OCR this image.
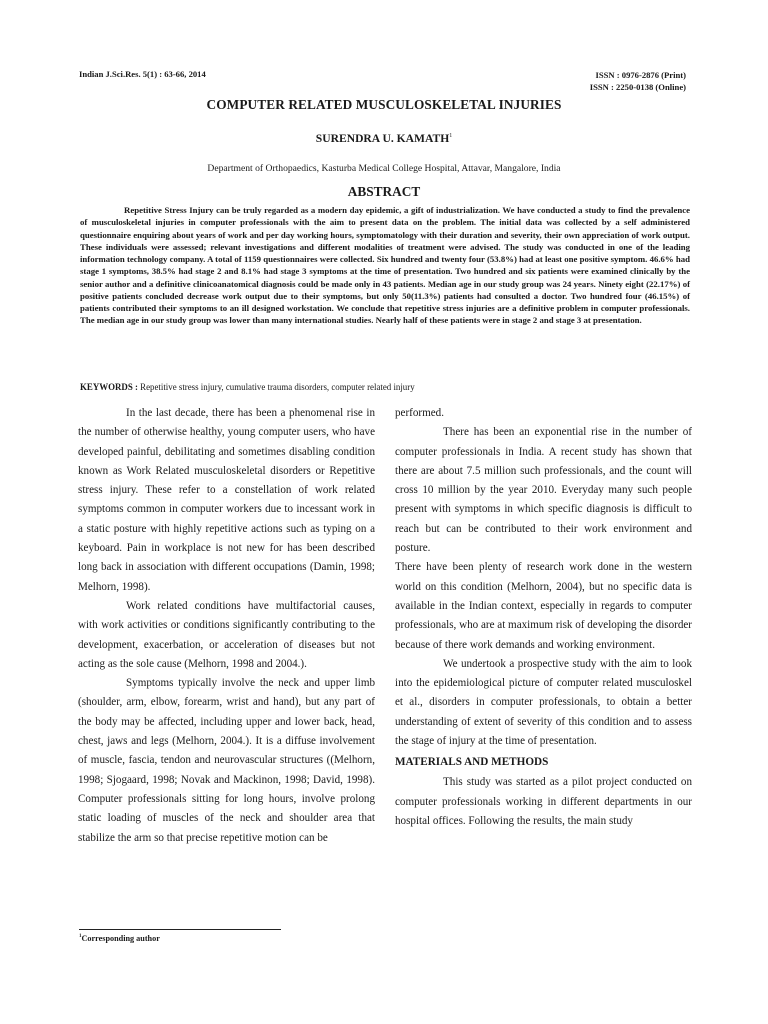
Indian J.Sci.Res. 5(1) : 63-66, 2014	ISSN : 0976-2876 (Print)
ISSN : 2250-0138 (Online)
COMPUTER RELATED MUSCULOSKELETAL INJURIES
SURENDRA U. KAMATH$^1$
Department of Orthopaedics, Kasturba Medical College Hospital, Attavar, Mangalore, India
ABSTRACT
Repetitive Stress Injury can be truly regarded as a modern day epidemic, a gift of industrialization. We have conducted a study to find the prevalence of musculoskeletal injuries in computer professionals with the aim to present data on the problem. The initial data was collected by a self administered questionnaire enquiring about years of work and per day working hours, symptomatology with their duration and severity, their own appreciation of work output. These individuals were assessed; relevant investigations and different modalities of treatment were advised. The study was conducted in one of the leading information technology company. A total of 1159 questionnaires were collected. Six hundred and twenty four (53.8%) had at least one positive symptom. 46.6% had stage 1 symptoms, 38.5% had stage 2 and 8.1% had stage 3 symptoms at the time of presentation. Two hundred and six patients were examined clinically by the senior author and a definitive clinicoanatomical diagnosis could be made only in 43 patients. Median age in our study group was 24 years. Ninety eight (22.17%) of positive patients concluded decrease work output due to their symptoms, but only 50(11.3%) patients had consulted a doctor. Two hundred four (46.15%) of patients contributed their symptoms to an ill designed workstation. We conclude that repetitive stress injuries are a definitive problem in computer professionals. The median age in our study group was lower than many international studies. Nearly half of these patients were in stage 2 and stage 3 at presentation.
KEYWORDS : Repetitive stress injury, cumulative trauma disorders, computer related injury

In the last decade, there has been a phenomenal rise in the number of otherwise healthy, young computer users, who have developed painful, debilitating and sometimes disabling condition known as Work Related musculoskeletal disorders or Repetitive stress injury. These refer to a constellation of work related symptoms common in computer workers due to incessant work in a static posture with highly repetitive actions such as typing on a keyboard. Pain in workplace is not new for has been described long back in association with different occupations (Damin, 1998; Melhorn, 1998).

Work related conditions have multifactorial causes, with work activities or conditions significantly contributing to the development, exacerbation, or acceleration of diseases but not acting as the sole cause (Melhorn, 1998 and 2004.).

Symptoms typically involve the neck and upper limb (shoulder, arm, elbow, forearm, wrist and hand), but any part of the body may be affected, including upper and lower back, head, chest, jaws and legs (Melhorn, 2004.). It is a diffuse involvement of muscle, fascia, tendon and neurovascular structures ((Melhorn, 1998; Sjogaard, 1998; Novak and Mackinon, 1998; David, 1998). Computer professionals sitting for long hours, involve prolong static loading of muscles of the neck and shoulder area that stabilize the arm so that precise repetitive motion can be

performed.

There has been an exponential rise in the number of computer professionals in India. A recent study has shown that there are about 7.5 million such professionals, and the count will cross 10 million by the year 2010. Everyday many such people present with symptoms in which specific diagnosis is difficult to reach but can be contributed to their work environment and posture.

There have been plenty of research work done in the western world on this condition (Melhorn, 2004), but no specific data is available in the Indian context, especially in regards to computer professionals, who are at maximum risk of developing the disorder because of there work demands and working environment.

We undertook a prospective study with the aim to look into the epidemiological picture of computer related musculoskel et al., disorders in computer professionals, to obtain a better understanding of extent of severity of this condition and to assess the stage of injury at the time of presentation.

MATERIALS AND METHODS

This study was started as a pilot project conducted on computer professionals working in different departments in our hospital offices. Following the results, the main study

$^1$Corresponding author
